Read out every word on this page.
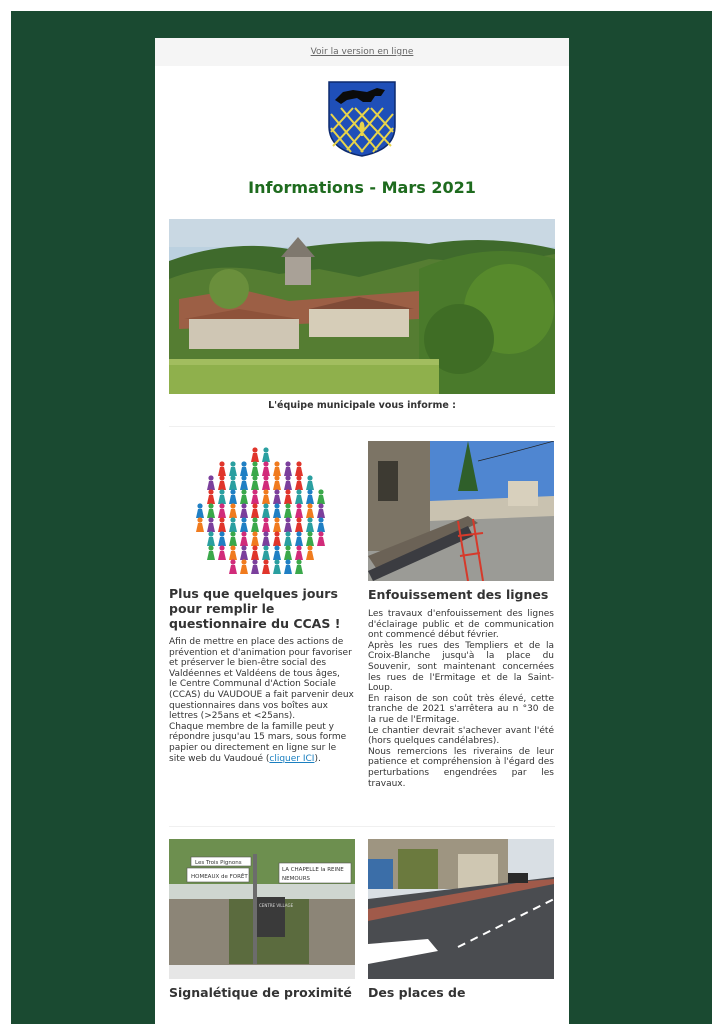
Voir la version en ligne
Informations - Mars 2021
L'équipe municipale vous informe :
Plus que quelques jours pour remplir le questionnaire du CCAS !
Afin de mettre en place des actions de prévention et d'animation pour favoriser et préserver le bien-être social des Valdéennes et Valdéens de tous âges,
le Centre Communal d'Action Sociale (CCAS) du VAUDOUE a fait parvenir deux questionnaires dans vos boîtes aux lettres (>25ans et <25ans).
Chaque membre de la famille peut y répondre jusqu'au 15 mars, sous forme papier ou directement en ligne sur le site web du Vaudoué (cliquer ICI).
Enfouissement des lignes
Les travaux d'enfouissement des lignes d'éclairage public et de communication ont commencé début février.
Après les rues des Templiers et de la Croix-Blanche jusqu'à la place du Souvenir, sont maintenant concernées les rues de l'Ermitage et de la Saint-Loup.
En raison de son coût très élevé, cette tranche de 2021 s'arrêtera au n °30 de la rue de l'Ermitage.
Le chantier devrait s'achever avant l'été (hors quelques candélabres).
Nous remercions les riverains de leur patience et compréhension à l'égard des perturbations engendrées par les travaux.
Les Trois Pignons
HOMEAUX de FORÊT
LA CHAPELLE la REINE
NEMOURS
CENTRE VILLAGE
Signalétique de proximité Des places de
